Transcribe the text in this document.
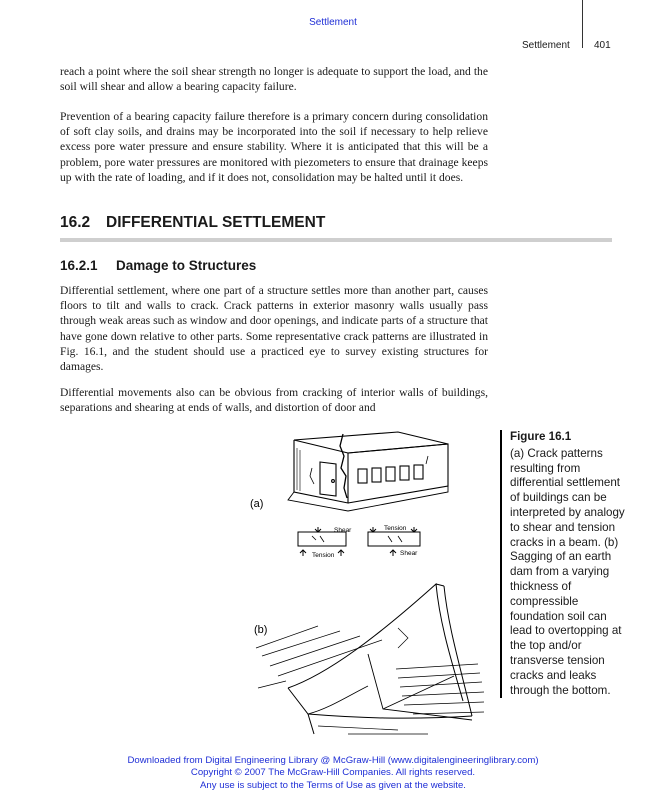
Settlement
Settlement 401

reach a point where the soil shear strength no longer is adequate to support the load, and the soil will shear and allow a bearing capacity failure.

Prevention of a bearing capacity failure therefore is a primary concern during consolidation of soft clay soils, and drains may be incorporated into the soil if necessary to help relieve excess pore water pressure and ensure stability. Where it is anticipated that this will be a problem, pore water pressures are monitored with piezometers to ensure that drainage keeps up with the rate of loading, and if it does not, consolidation may be halted until it does.

16.2 DIFFERENTIAL SETTLEMENT
16.2.1 Damage to Structures

Differential settlement, where one part of a structure settles more than another part, causes floors to tilt and walls to crack. Crack patterns in exterior masonry walls usually pass through weak areas such as window and door openings, and indicate parts of a structure that have gone down relative to other parts. Some representative crack patterns are illustrated in Fig. 16.1, and the student should use a practiced eye to survey existing structures for damages.

Differential movements also can be obvious from cracking of interior walls of buildings, separations and shearing at ends of walls, and distortion of door and

(a)
Shear
Tension
Tension
Shear
(b)

Figure 16.1

(a) Crack patterns resulting from differential settlement of buildings can be interpreted by analogy to shear and tension cracks in a beam. (b) Sagging of an earth dam from a varying thickness of compressible foundation soil can lead to overtopping at the top and/or transverse tension cracks and leaks through the bottom.

Downloaded from Digital Engineering Library @ McGraw-Hill (www.digitalengineeringlibrary.com)
Copyright © 2007 The McGraw-Hill Companies. All rights reserved.
Any use is subject to the Terms of Use as given at the website.
